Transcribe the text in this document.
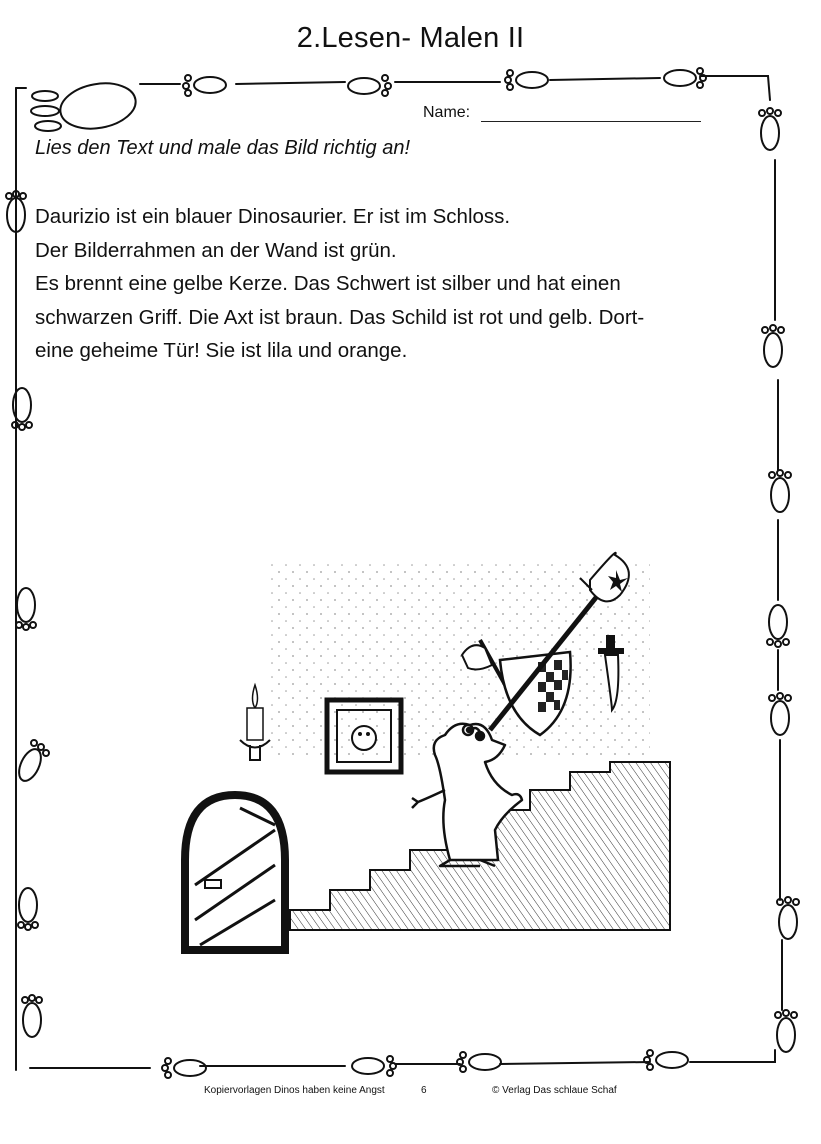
2.Lesen- Malen II
Name:
Lies den Text und male das Bild richtig an!

Daurizio ist ein blauer Dinosaurier. Er ist im Schloss.

Der Bilderrahmen an der Wand ist grün.

Es brennt eine gelbe Kerze. Das Schwert ist silber und hat einen

schwarzen Griff. Die Axt ist braun. Das Schild ist rot und gelb. Dort-

eine geheime Tür! Sie ist lila und orange.

Kopiervorlagen Dinos haben keine Angst	6	© Verlag Das schlaue Schaf
